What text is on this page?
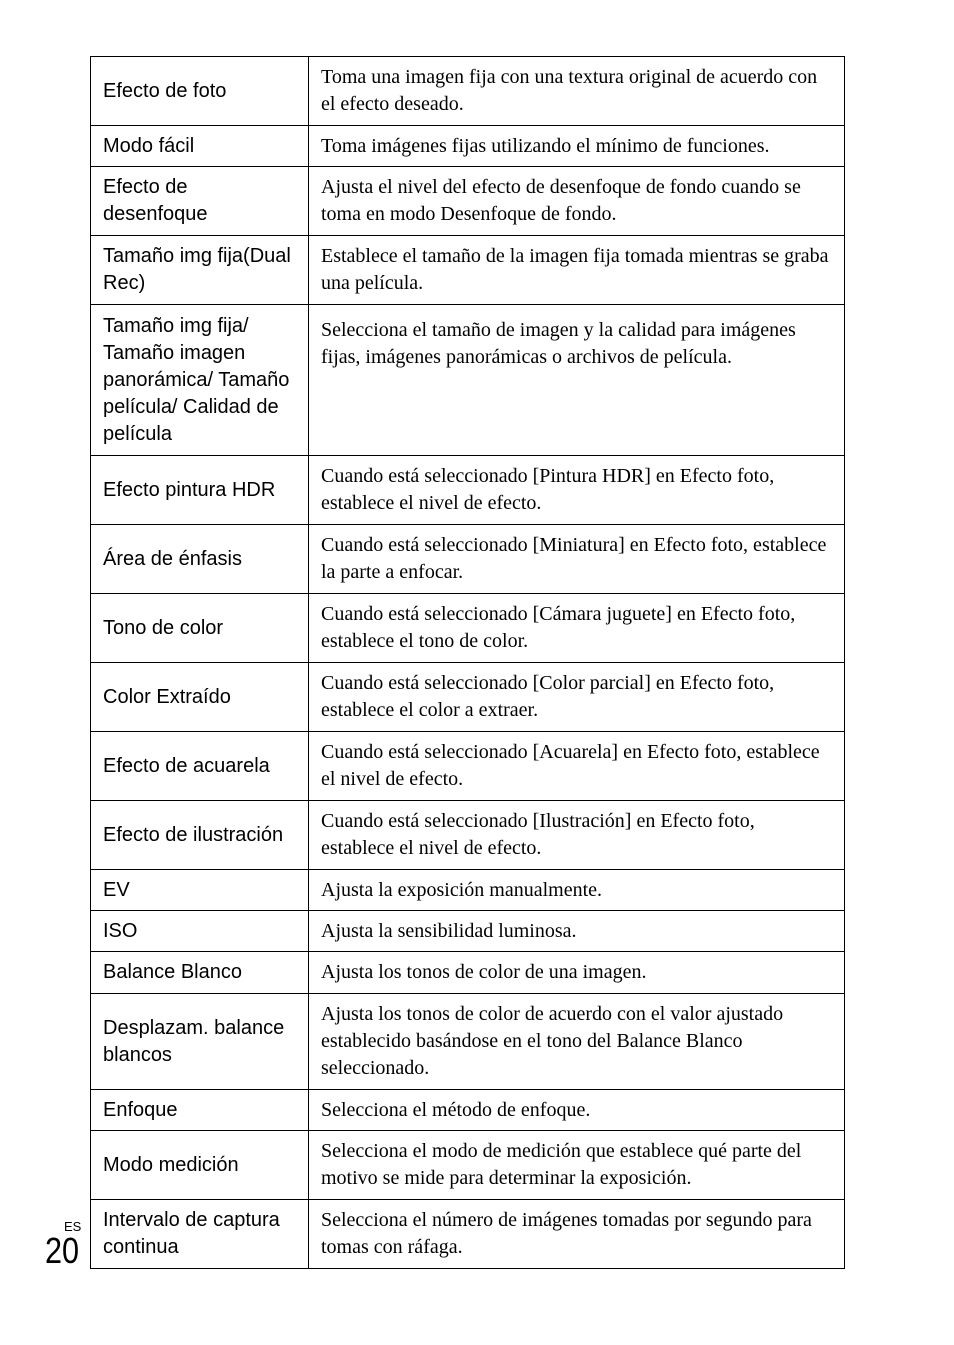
Efecto de foto	Toma una imagen fija con una textura original de acuerdo con el efecto deseado.
Modo fácil	Toma imágenes fijas utilizando el mínimo de funciones.
Efecto de desenfoque	Ajusta el nivel del efecto de desenfoque de fondo cuando se toma en modo Desenfoque de fondo.
Tamaño img fija(Dual Rec)	Establece el tamaño de la imagen fija tomada mientras se graba una película.
Tamaño img fija/ Tamaño imagen panorámica/ Tamaño película/ Calidad de película	Selecciona el tamaño de imagen y la calidad para imágenes fijas, imágenes panorámicas o archivos de película.
Efecto pintura HDR	Cuando está seleccionado [Pintura HDR] en Efecto foto, establece el nivel de efecto.
Área de énfasis	Cuando está seleccionado [Miniatura] en Efecto foto, establece la parte a enfocar.
Tono de color	Cuando está seleccionado [Cámara juguete] en Efecto foto, establece el tono de color.
Color Extraído	Cuando está seleccionado [Color parcial] en Efecto foto, establece el color a extraer.
Efecto de acuarela	Cuando está seleccionado [Acuarela] en Efecto foto, establece el nivel de efecto.
Efecto de ilustración	Cuando está seleccionado [Ilustración] en Efecto foto, establece el nivel de efecto.
EV	Ajusta la exposición manualmente.
ISO	Ajusta la sensibilidad luminosa.
Balance Blanco	Ajusta los tonos de color de una imagen.
Desplazam. balance blancos	Ajusta los tonos de color de acuerdo con el valor ajustado establecido basándose en el tono del Balance Blanco seleccionado.
Enfoque	Selecciona el método de enfoque.
Modo medición	Selecciona el modo de medición que establece qué parte del motivo se mide para determinar la exposición.
Intervalo de captura continua	Selecciona el número de imágenes tomadas por segundo para tomas con ráfaga.
ES
20
